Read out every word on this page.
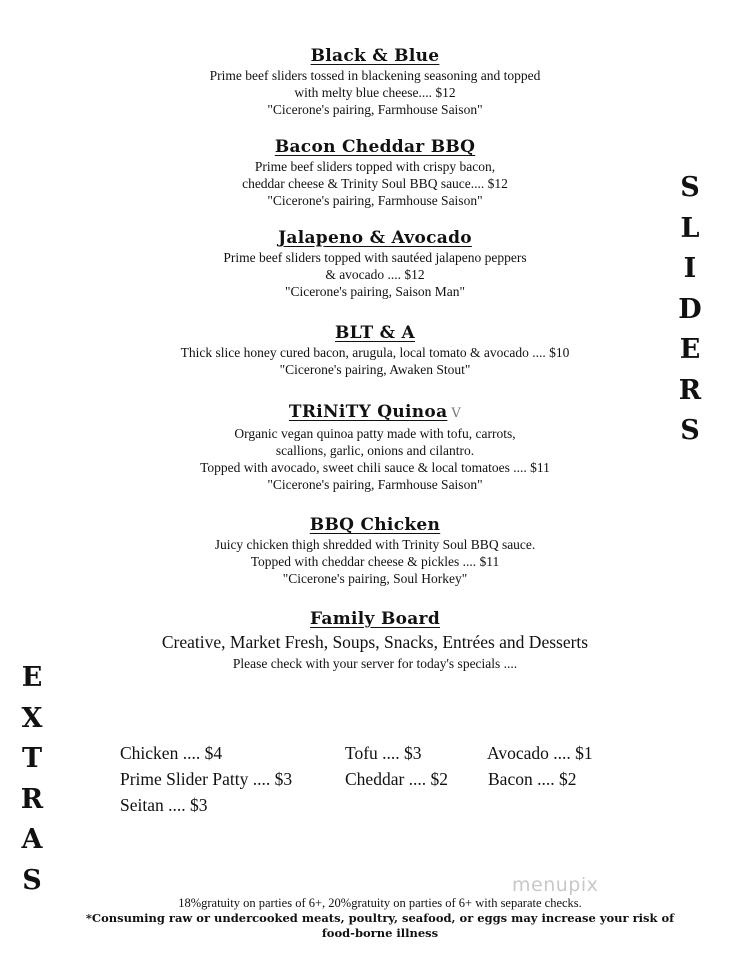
Black & Blue
Prime beef sliders tossed in blackening seasoning and topped
with melty blue cheese.... $12
"Cicerone's pairing, Farmhouse Saison"
Bacon Cheddar BBQ
Prime beef sliders topped with crispy bacon,
cheddar cheese & Trinity Soul BBQ sauce.... $12
"Cicerone's pairing, Farmhouse Saison"
Jalapeno & Avocado
Prime beef sliders topped with sautéed jalapeno peppers
& avocado .... $12
"Cicerone's pairing, Saison Man"
BLT & A
Thick slice honey cured bacon, arugula, local tomato & avocado .... $10
"Cicerone's pairing, Awaken Stout"
TRiNiTY Quinoa V
Organic vegan quinoa patty made with tofu, carrots,
scallions, garlic, onions and cilantro.
Topped with avocado, sweet chili sauce & local tomatoes .... $11
"Cicerone's pairing, Farmhouse Saison"
BBQ Chicken
Juicy chicken thigh shredded with Trinity Soul BBQ sauce.
Topped with cheddar cheese & pickles .... $11
"Cicerone's pairing, Soul Horkey"
Family Board
Creative, Market Fresh, Soups, Snacks, Entrées and Desserts
Please check with your server for today's specials ....
S
L
I
D
E
R
S
E
X
T
R
A
S
Chicken .... $4	Tofu .... $3	Avocado .... $1
Prime Slider Patty .... $3	Cheddar .... $2 Bacon .... $2
Seitan .... $3
menupix
18%gratuity on parties of 6+, 20%gratuity on parties of 6+ with separate checks.
*Consuming raw or undercooked meats, poultry, seafood, or eggs may increase your risk of
food-borne illness
